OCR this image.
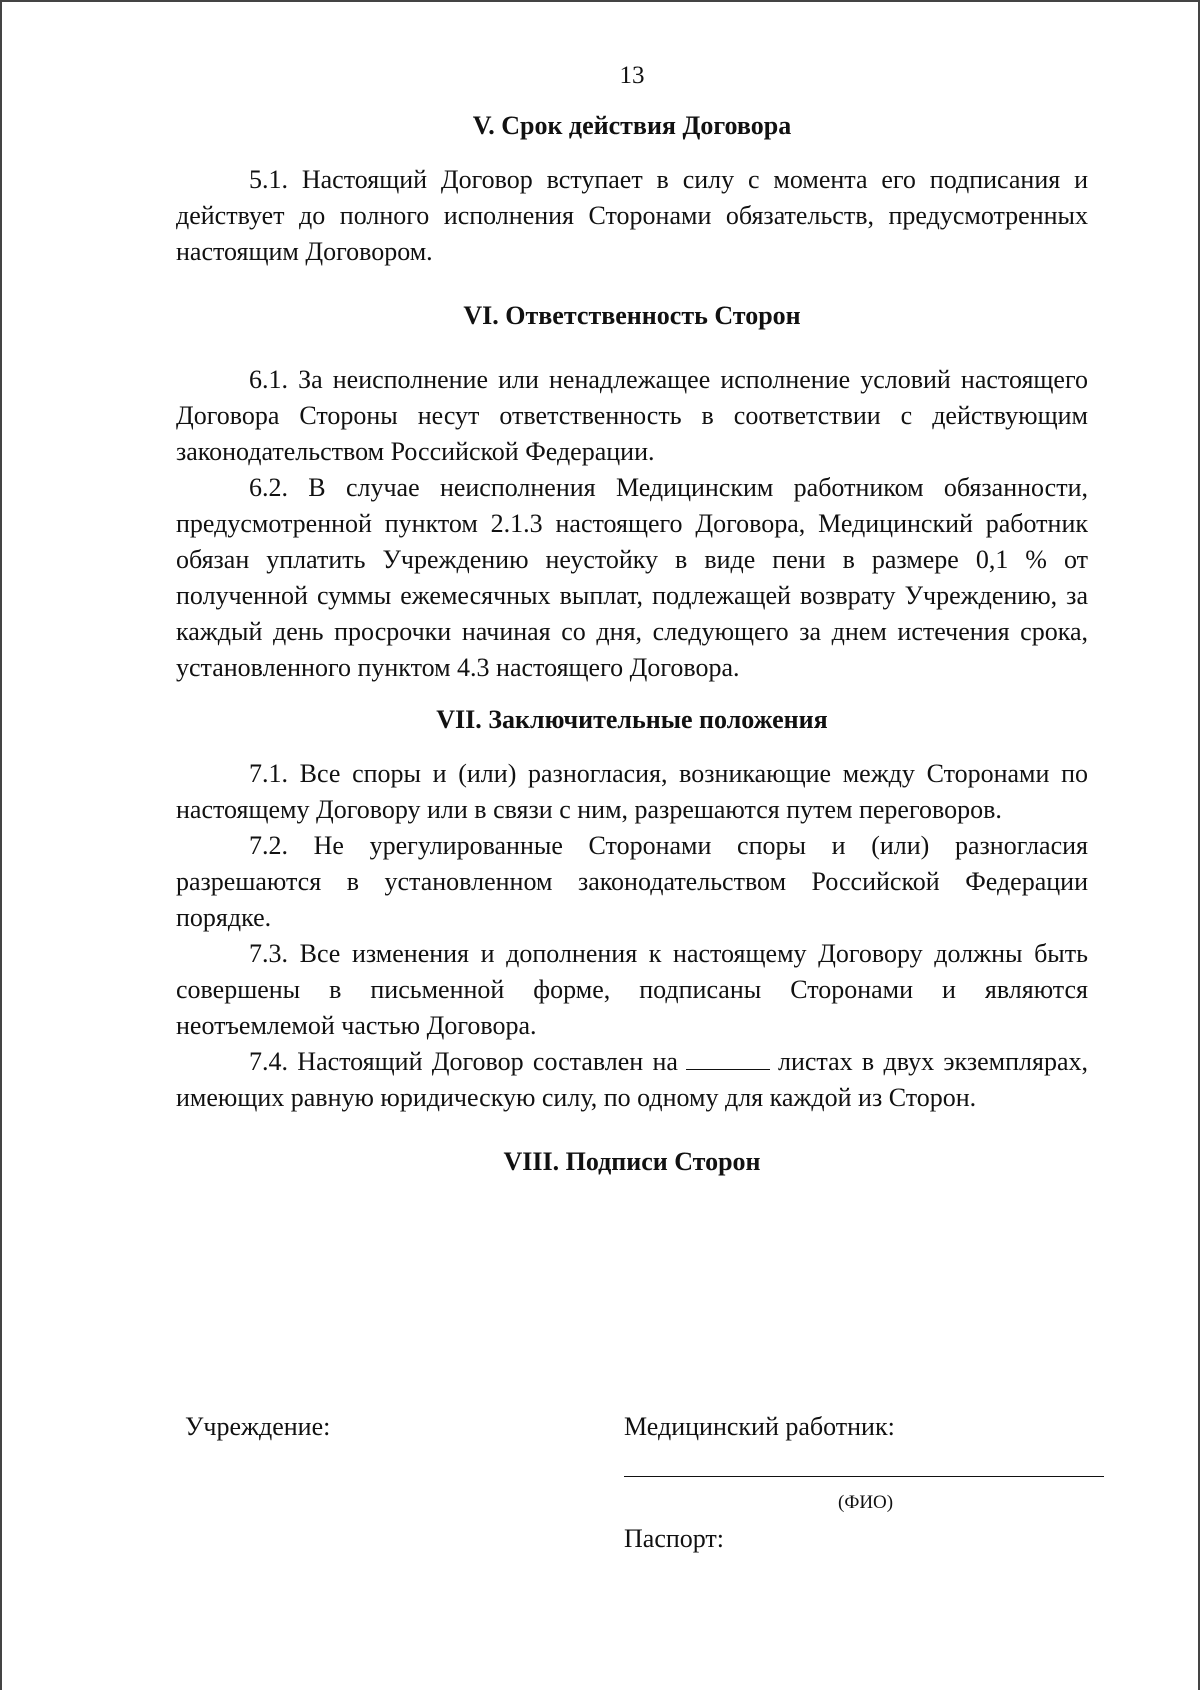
13
V. Срок действия Договора

5.1. Настоящий Договор вступает в силу с момента его подписания и действует до полного исполнения Сторонами обязательств, предусмотренных настоящим Договором.

VI. Ответственность Сторон

6.1. За неисполнение или ненадлежащее исполнение условий настоящего Договора Стороны несут ответственность в соответствии с действующим законодательством Российской Федерации.

6.2. В случае неисполнения Медицинским работником обязанности, предусмотренной пунктом 2.1.3 настоящего Договора, Медицинский работник обязан уплатить Учреждению неустойку в виде пени в размере 0,1 % от полученной суммы ежемесячных выплат, подлежащей возврату Учреждению, за каждый день просрочки начиная со дня, следующего за днем истечения срока, установленного пунктом 4.3 настоящего Договора.

VII. Заключительные положения

7.1. Все споры и (или) разногласия, возникающие между Сторонами по настоящему Договору или в связи с ним, разрешаются путем переговоров.

7.2. Не урегулированные Сторонами споры и (или) разногласия разрешаются в установленном законодательством Российской Федерации порядке.

7.3. Все изменения и дополнения к настоящему Договору должны быть совершены в письменной форме, подписаны Сторонами и являются неотъемлемой частью Договора.

7.4. Настоящий Договор составлен на	листах в двух экземплярах, имеющих равную юридическую силу, по одному для каждой из Сторон.

VIII. Подписи Сторон
Учреждение:	Медицинский работник:
(ФИО)
Паспорт:
